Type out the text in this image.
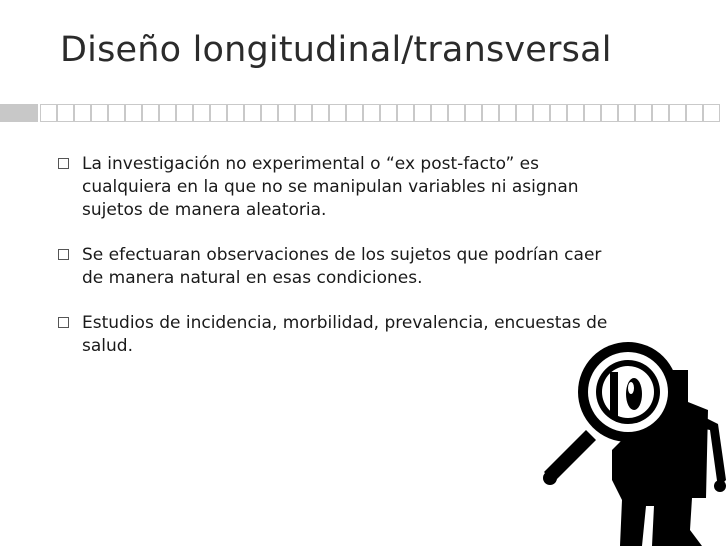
Diseño longitudinal/transversal
La investigación no experimental o “ex post-facto” es cualquiera en la que no se manipulan variables ni asignan sujetos de manera aleatoria.
Se efectuaran observaciones de los sujetos que podrían caer de manera natural en esas condiciones.
Estudios de incidencia, morbilidad, prevalencia, encuestas de salud.
